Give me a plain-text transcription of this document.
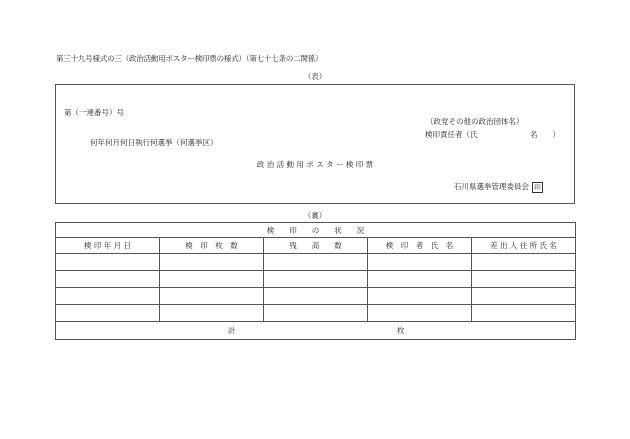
第三十九号様式の三（政治活動用ポスター検印票の様式）（第七十七条の二関係）
（表）
第（一連番号）号
（政党その他の政治団体名）
検印責任者（氏　　　　　　　名　　）
何年何月何日執行何選挙（何選挙区）
政 治 活 動 用 ポ ス タ ー 検 印 票
石川県選挙管理委員会 印
（裏）
検　　印　　の　　状　　況				
検 印 年 月 日	検　印　枚　数	残　　高　　数	検　印　者　氏　名	差 出 人 住 所 氏 名

計 枚				
